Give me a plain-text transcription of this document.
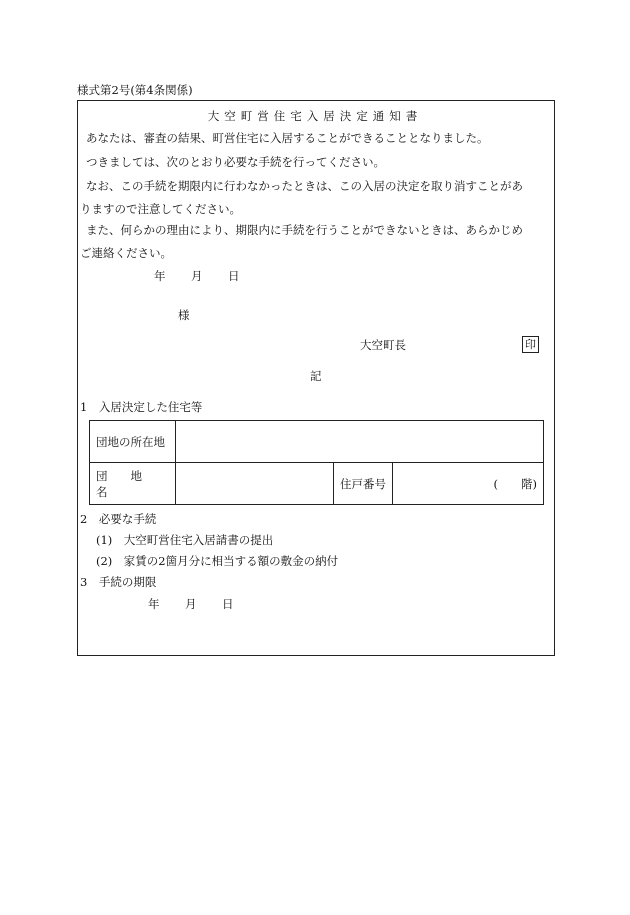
様式第2号(第4条関係)
大空町営住宅入居決定通知書
あなたは、審査の結果、町営住宅に入居することができることとなりました。
つきましては、次のとおり必要な手続を行ってください。
なお、この手続を期限内に行わなかったときは、この入居の決定を取り消すことがあ
りますので注意してください。
また、何らかの理由により、期限内に手続を行うことができないときは、あらかじめ
ご連絡ください。
年 月 日
様
大空町長	印
記
1　入居決定した住宅等
団地の所在地			
団　　地　　名		住戸番号	(　　階)
2　必要な手続
(1)　大空町営住宅入居請書の提出
(2)　家賃の2箇月分に相当する額の敷金の納付
3　手続の期限
年 月 日
